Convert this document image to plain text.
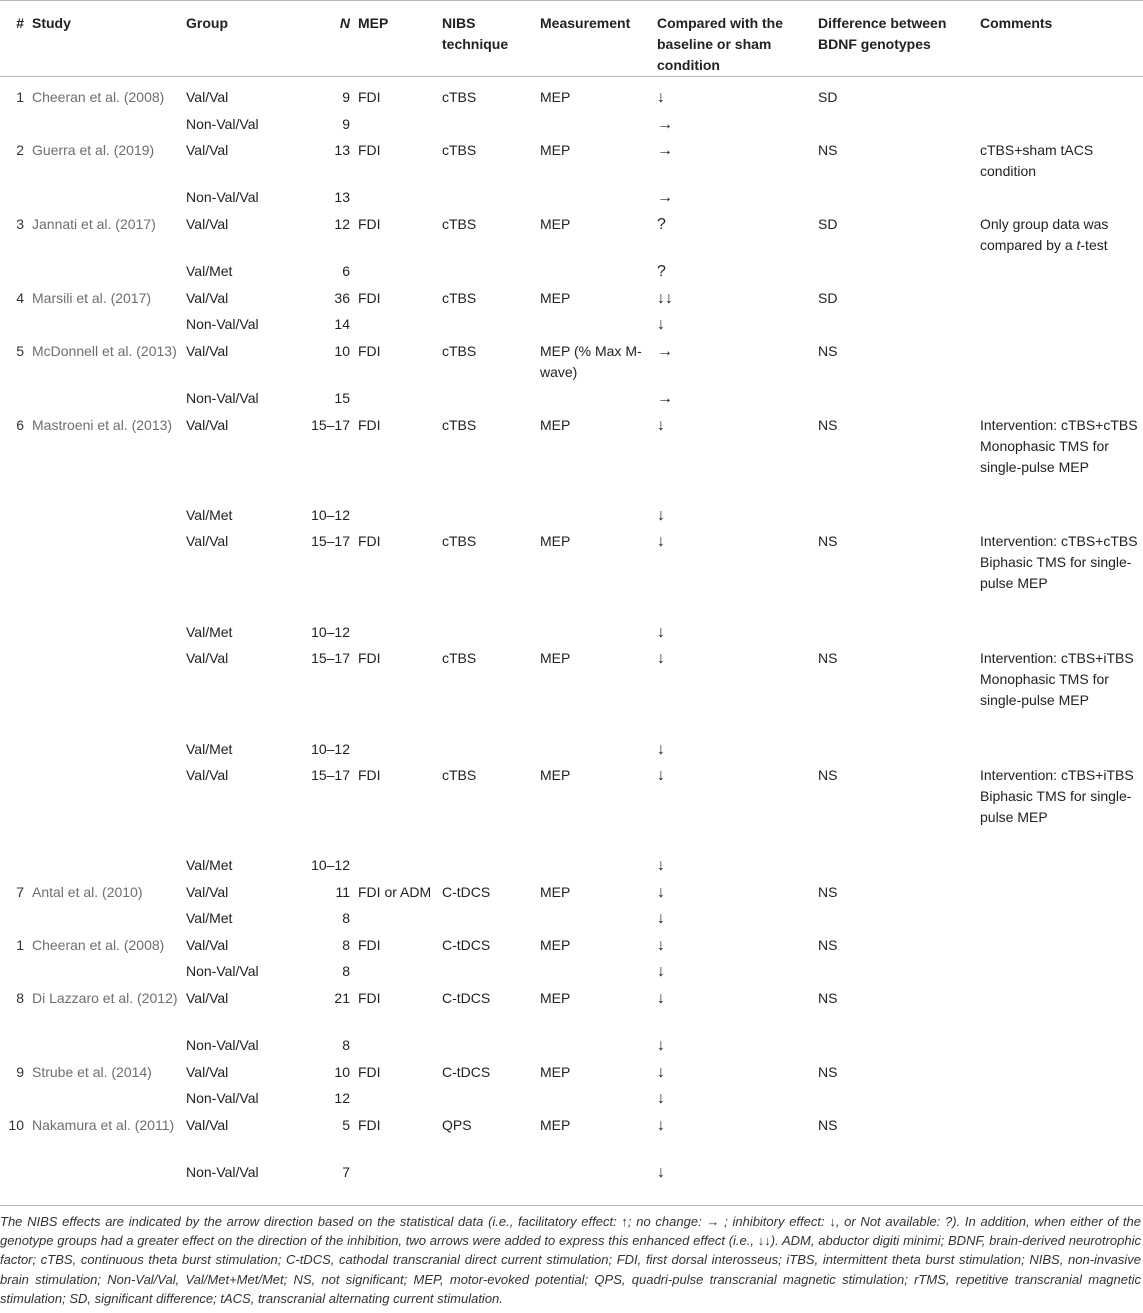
#	Study	Group	N	MEP	NIBS technique	Measurement	Compared with the baseline or sham condition	Difference between BDNF genotypes	Comments
1	Cheeran et al. (2008)	Val/Val	9	FDI	cTBS	MEP	↓	SD	
		Non-Val/Val	9				→		
2	Guerra et al. (2019)	Val/Val	13	FDI	cTBS	MEP	→	NS	cTBS+sham tACS condition
		Non-Val/Val	13				→		
3	Jannati et al. (2017)	Val/Val	12	FDI	cTBS	MEP	?	SD	Only group data was compared by a t-test
		Val/Met	6				?		
4	Marsili et al. (2017)	Val/Val	36	FDI	cTBS	MEP	↓↓	SD	
		Non-Val/Val	14				↓		
5	McDonnell et al. (2013)	Val/Val	10	FDI	cTBS	MEP (% Max M-wave)	→	NS	
		Non-Val/Val	15				→		
6	Mastroeni et al. (2013)	Val/Val	15–17	FDI	cTBS	MEP	↓	NS	Intervention: cTBS+cTBS Monophasic TMS for single-pulse MEP
		Val/Met	10–12				↓		
		Val/Val	15–17	FDI	cTBS	MEP	↓	NS	Intervention: cTBS+cTBS Biphasic TMS for single-pulse MEP
		Val/Met	10–12				↓		
		Val/Val	15–17	FDI	cTBS	MEP	↓	NS	Intervention: cTBS+iTBS Monophasic TMS for single-pulse MEP
		Val/Met	10–12				↓		
		Val/Val	15–17	FDI	cTBS	MEP	↓	NS	Intervention: cTBS+iTBS Biphasic TMS for single-pulse MEP
		Val/Met	10–12				↓		
7	Antal et al. (2010)	Val/Val	11	FDI or ADM	C-tDCS	MEP	↓	NS	
		Val/Met	8				↓		
1	Cheeran et al. (2008)	Val/Val	8	FDI	C-tDCS	MEP	↓	NS	
		Non-Val/Val	8				↓		
8	Di Lazzaro et al. (2012)	Val/Val	21	FDI	C-tDCS	MEP	↓	NS	
		Non-Val/Val	8				↓		
9	Strube et al. (2014)	Val/Val	10	FDI	C-tDCS	MEP	↓	NS	
		Non-Val/Val	12				↓		
10	Nakamura et al. (2011)	Val/Val	5	FDI	QPS	MEP	↓	NS	
		Non-Val/Val	7				↓		

The NIBS effects are indicated by the arrow direction based on the statistical data (i.e., facilitatory effect: ↑; no change: → ; inhibitory effect: ↓, or Not available: ?). In addition, when either of the genotype groups had a greater effect on the direction of the inhibition, two arrows were added to express this enhanced effect (i.e., ↓↓). ADM, abductor digiti minimi; BDNF, brain-derived neurotrophic factor; cTBS, continuous theta burst stimulation; C-tDCS, cathodal transcranial direct current stimulation; FDI, first dorsal interosseus; iTBS, intermittent theta burst stimulation; NIBS, non-invasive brain stimulation; Non-Val/Val, Val/Met+Met/Met; NS, not significant; MEP, motor-evoked potential; QPS, quadri-pulse transcranial magnetic stimulation; rTMS, repetitive transcranial magnetic stimulation; SD, significant difference; tACS, transcranial alternating current stimulation.
